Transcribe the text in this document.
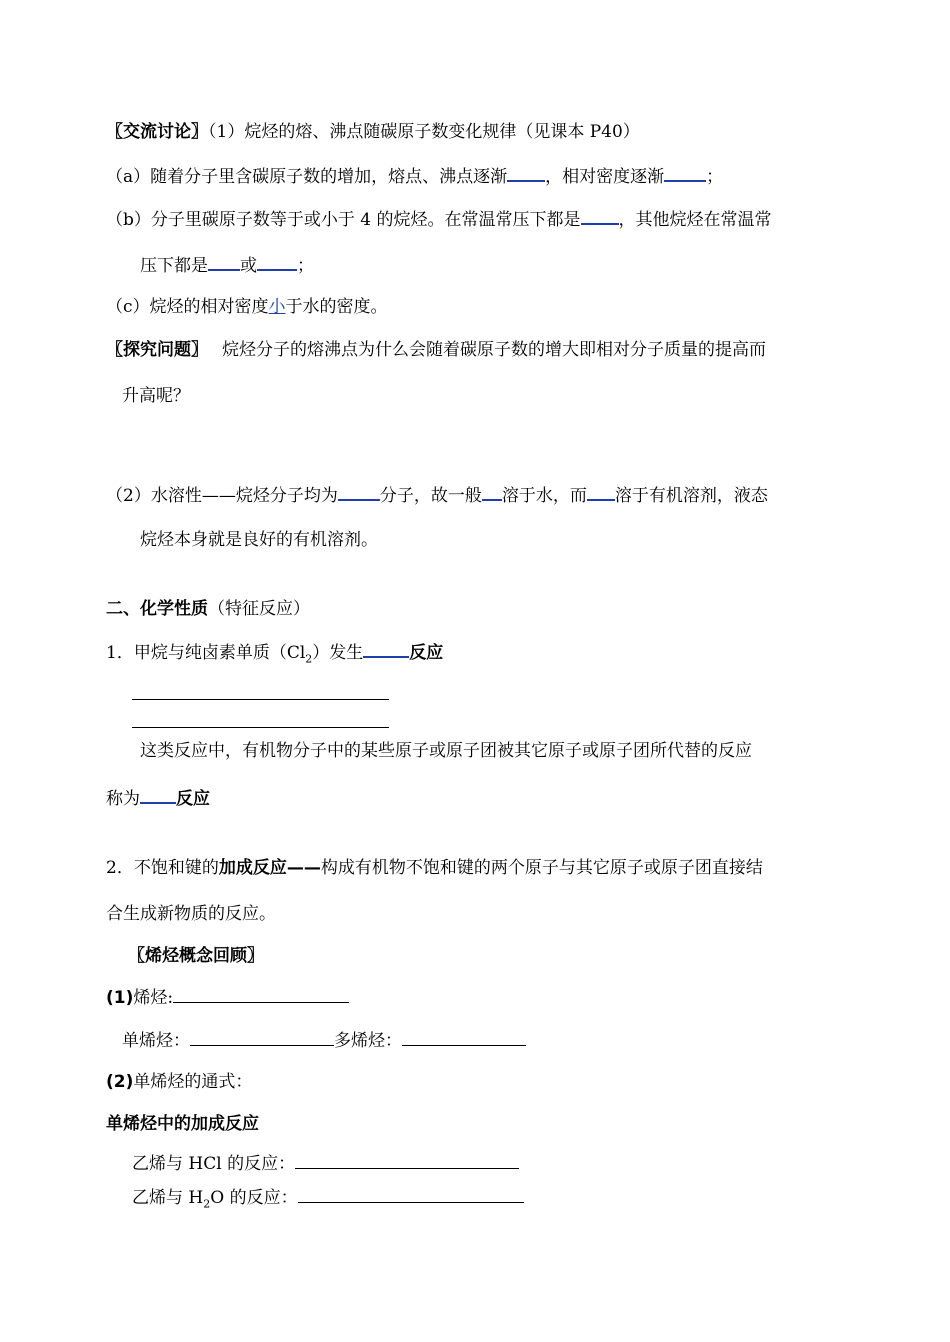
〖交流讨论〗（1）烷烃的熔、沸点随碳原子数变化规律（见课本 P40）
（a）随着分子里含碳原子数的增加，熔点、沸点逐渐 ，相对密度逐渐 ；
（b）分子里碳原子数等于或小于 4 的烷烃。在常温常压下都是 ，其他烷烃在常温常
压下都是 或 ；
（c）烷烃的相对密度小于水的密度。
〖探究问题〗 烷烃分子的熔沸点为什么会随着碳原子数的增大即相对分子质量的提高而
升高呢？
（2）水溶性——烷烃分子均为 分子，故一般 溶于水，而 溶于有机溶剂，液态
烷烃本身就是良好的有机溶剂。
二、化学性质（特征反应）
1．甲烷与纯卤素单质$(Cl_2)$发生	反应
这类反应中，有机物分子中的某些原子或原子团被其它原子或原子团所代替的反应
称为 反应
2．不饱和键的加成反应——构成有机物不饱和键的两个原子与其它原子或原子团直接结
合生成新物质的反应。
〖烯烃概念回顾〗
(1)烯烃:
单烯烃：	多烯烃：
(2)单烯烃的通式：
单烯烃中的加成反应
乙烯与 HCl 的反应：
乙烯与 $H_2O$ 的反应：
